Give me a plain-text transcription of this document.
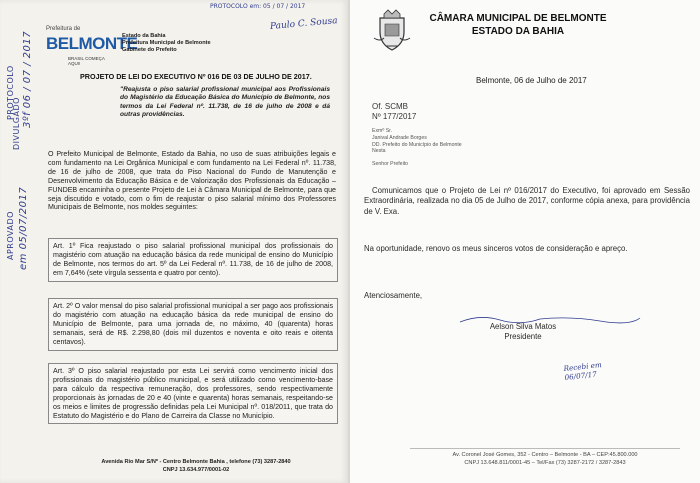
PROTOCOLO
DIVULGADO 3ºf 06 / 07 / 2017
APROVADO em 05/07/2017
PROTOCOLO em: 05 / 07 / 2017
Paulo C. Sousa
Prefeitura de
BELMONTE
BRASIL COMEÇA AQUI!
Estado da Bahia
Prefeitura Municipal de Belmonte
Gabinete do Prefeito
PROJETO DE LEI DO EXECUTIVO Nº 016 DE 03 DE JULHO DE 2017.
"Reajusta o piso salarial profissional municipal aos Profissionais do Magistério da Educação Básica do Município de Belmonte, nos termos da Lei Federal nº. 11.738, de 16 de julho de 2008 e dá outras providências.
O Prefeito Municipal de Belmonte, Estado da Bahia, no uso de suas atribuições legais e com fundamento na Lei Orgânica Municipal e com fundamento na Lei Federal nº. 11.738, de 16 de julho de 2008, que trata do Piso Nacional do Fundo de Manutenção e Desenvolvimento da Educação Básica e de Valorização dos Profissionais da Educação – FUNDEB encaminha o presente Projeto de Lei à Câmara Municipal de Belmonte, para que seja discutido e votado, com o fim de reajustar o piso salarial mínimo dos Professores Municipais de Belmonte, nos moldes seguintes:
Art. 1º Fica reajustado o piso salarial profissional municipal dos profissionais do magistério com atuação na educação básica da rede municipal de ensino do Município de Belmonte, nos termos do art. 5º da Lei Federal nº. 11.738, de 16 de julho de 2008, em 7,64% (sete vírgula sessenta e quatro por cento).
Art. 2º O valor mensal do piso salarial profissional municipal a ser pago aos profissionais do magistério com atuação na educação básica da rede municipal de ensino do Município de Belmonte, para uma jornada de, no máximo, 40 (quarenta) horas semanais, será de R$. 2.298,80 (dois mil duzentos e noventa e oito reais e oitenta centavos).
Art. 3º O piso salarial reajustado por esta Lei servirá como vencimento inicial dos profissionais do magistério público municipal, e será utilizado como vencimento-base para cálculo da respectiva remuneração, dos professores, sendo respectivamente proporcionais às jornadas de 20 e 40 (vinte e quarenta) horas semanais, respeitando-se os meios e limites de progressão definidas pela Lei Municipal nº. 018/2011, que trata do Estatuto do Magistério e do Plano de Carreira da Classe no Município.
Avenida Rio Mar S/Nº - Centro Belmonte Bahia , telefone (73) 3287-2840
CNPJ 13.634.977/0001-02
CÂMARA MUNICIPAL DE BELMONTE
ESTADO DA BAHIA
Belmonte, 06 de Julho de 2017
Of. SCMB
Nº 177/2017
Exmº Sr.
Janival Andrade Borges
DD. Prefeito do Município de Belmonte
Nesta
Senhor Prefeito
Comunicamos que o Projeto de Lei nº 016/2017 do Executivo, foi aprovado em Sessão Extraordinária, realizada no dia 05 de Julho de 2017, conforme cópia anexa, para providência de V. Exa.
Na oportunidade, renovo os meus sinceros votos de consideração e apreço.
Atenciosamente,
Aelson Silva Matos
Presidente
Recebi em
06/07/17
Av. Coronel José Gomes, 352 - Centro – Belmonte - BA – CEP:45.800.000
CNPJ 13.648.811/0001-45 – Tel/Fax (73) 3287-2172 / 3287-2843
